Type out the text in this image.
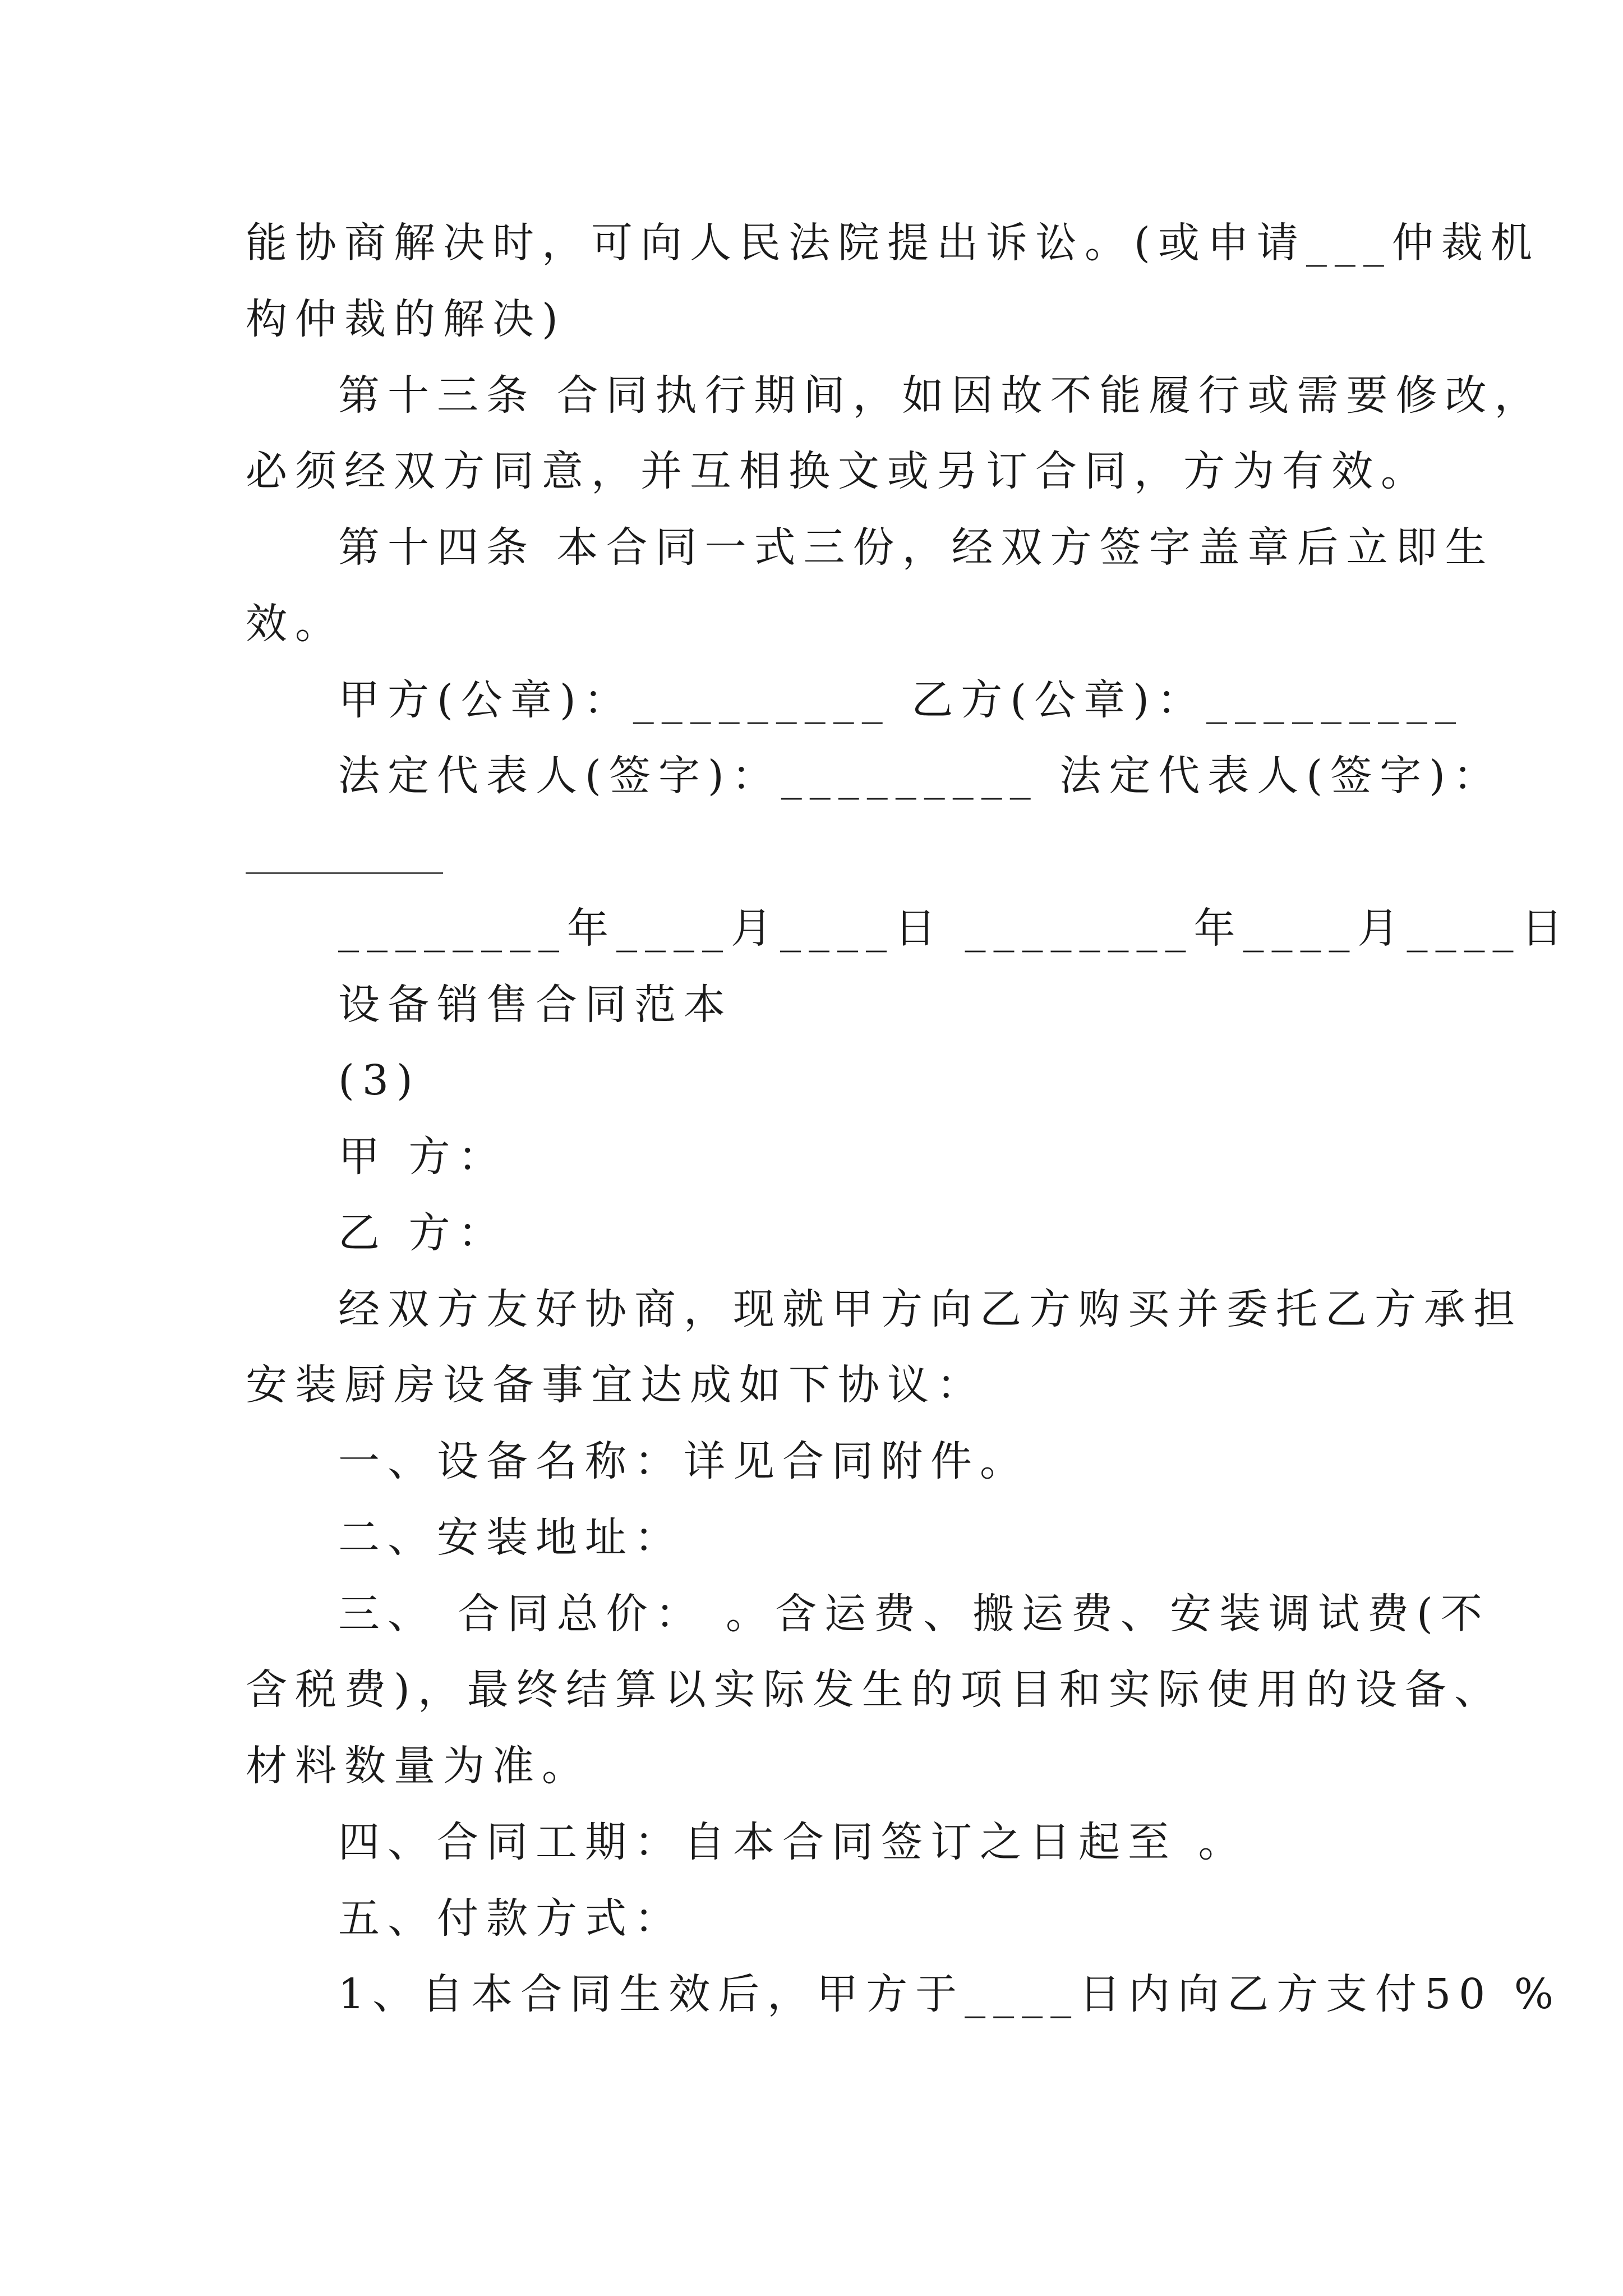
能协商解决时，可向人民法院提出诉讼。(或申请___仲裁机
构仲裁的解决)
第十三条 合同执行期间，如因故不能履行或需要修改，
必须经双方同意，并互相换文或另订合同，方为有效。
第十四条 本合同一式三份，经双方签字盖章后立即生
效。
甲方(公章)：_________ 乙方(公章)：_________
法定代表人(签字)：_________ 法定代表人(签字)：
________年____月____日 ________年____月____日
设备销售合同范本
(3)
甲 方：
乙 方：
经双方友好协商，现就甲方向乙方购买并委托乙方承担
安装厨房设备事宜达成如下协议：
一、设备名称：详见合同附件。
二、安装地址：
三、 合同总价： 。含运费、搬运费、安装调试费(不
含税费)，最终结算以实际发生的项目和实际使用的设备、
材料数量为准。
四、合同工期：自本合同签订之日起至 。
五、付款方式：
1、自本合同生效后，甲方于____日内向乙方支付50 %
